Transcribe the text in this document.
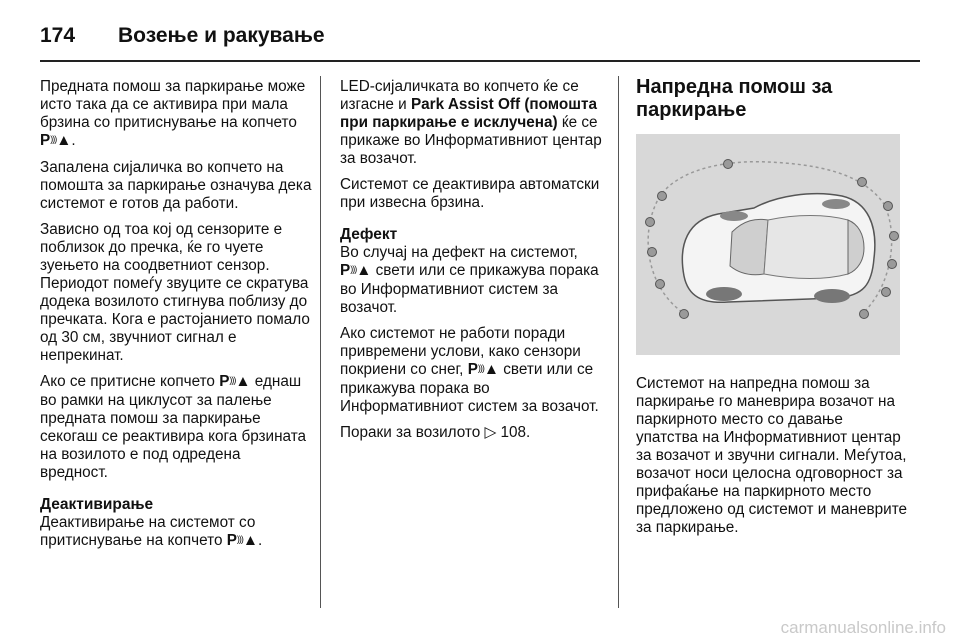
174	Возење и ракување

Предната помош за паркирање може исто така да се активира при мала брзина со притиснување на копчето P)))▲.

Запалена сијаличка во копчето на помошта за паркирање означува дека системот е готов да работи.

Зависно од тоа кој од сензорите е поблизок до пречка, ќе го чуете зуењето на соодветниот сензор. Периодот помеѓу звуците се скратува додека возилото стигнува поблизу до пречката. Кога е растојанието помало од 30 см, звучниот сигнал е непрекинат.

Ако се притисне копчето P)))▲ еднаш во рамки на циклусот за палење предната помош за паркирање секогаш се реактивира кога брзината на возилото е под одредена вредност.

Деактивирање

Деактивирање на системот со притиснување на копчето P)))▲.

LED-сијаличката во копчето ќе се изгасне и Park Assist Off (помошта при паркирање е исклучена) ќе се прикаже во Информативниот центар за возачот.

Системот се деактивира автоматски при извесна брзина.

Дефект

Во случај на дефект на системот, P)))▲ свети или се прикажува порака во Информативниот систем за возачот.

Ако системот не работи поради привремени услови, како сензори покриени со снег, P)))▲ свети или се прикажува порака во Информативниот систем за возачот.

Пораки за возилото ▷ 108.

Напредна помош за паркирање

Системот на напредна помош за паркирање го маневрира возачот на паркирното место со давање упатства на Информативниот центар за возачот и звучни сигнали. Меѓутоа, возачот носи целосна одговорност за прифаќање на паркирното место предложено од системот и маневрите за паркирање.

carmanualsonline.info
